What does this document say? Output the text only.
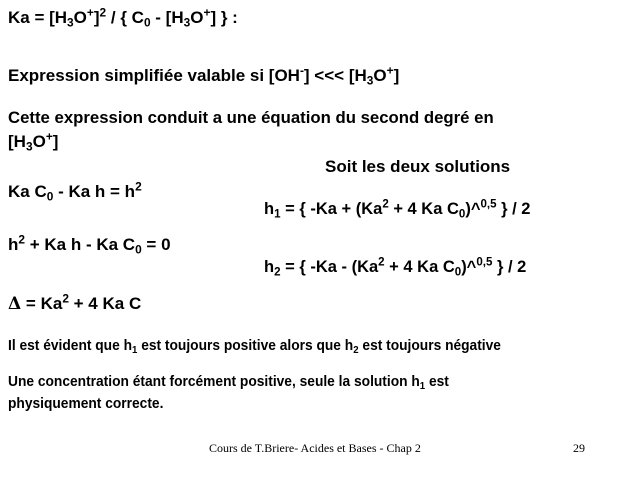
$Ka = [H_3O^+]^2$ / { $C_0 - [H_3O^+]$ } :
Expression simplifiée valable si [OH-] <<< $[H_3O^+]$
Cette expression conduit a une équation du second degré en
$[H_3O^+]$
Soit les deux solutions
Ka $C_0$ - Ka $h = h^2$
$h^2 + Ka$ h - Ka $C_0 = 0$
$\Delta = Ka^2 + 4$ Ka C
$h_1$ = { $-Ka + (Ka^2 + 4$ Ka $C_0)\^{}^{0,5}$ } / 2
$h_2$ = { $-Ka - (Ka^2 + 4$ Ka $C_0)\^{}^{0,5}$ } / 2
Il est évident que $h_1$ est toujours positive alors que $h_2$ est toujours négative
Une concentration étant forcément positive, seule la solution $h_1$ est
physiquement correcte.
Cours de T.Briere- Acides et Bases - Chap 2	29
